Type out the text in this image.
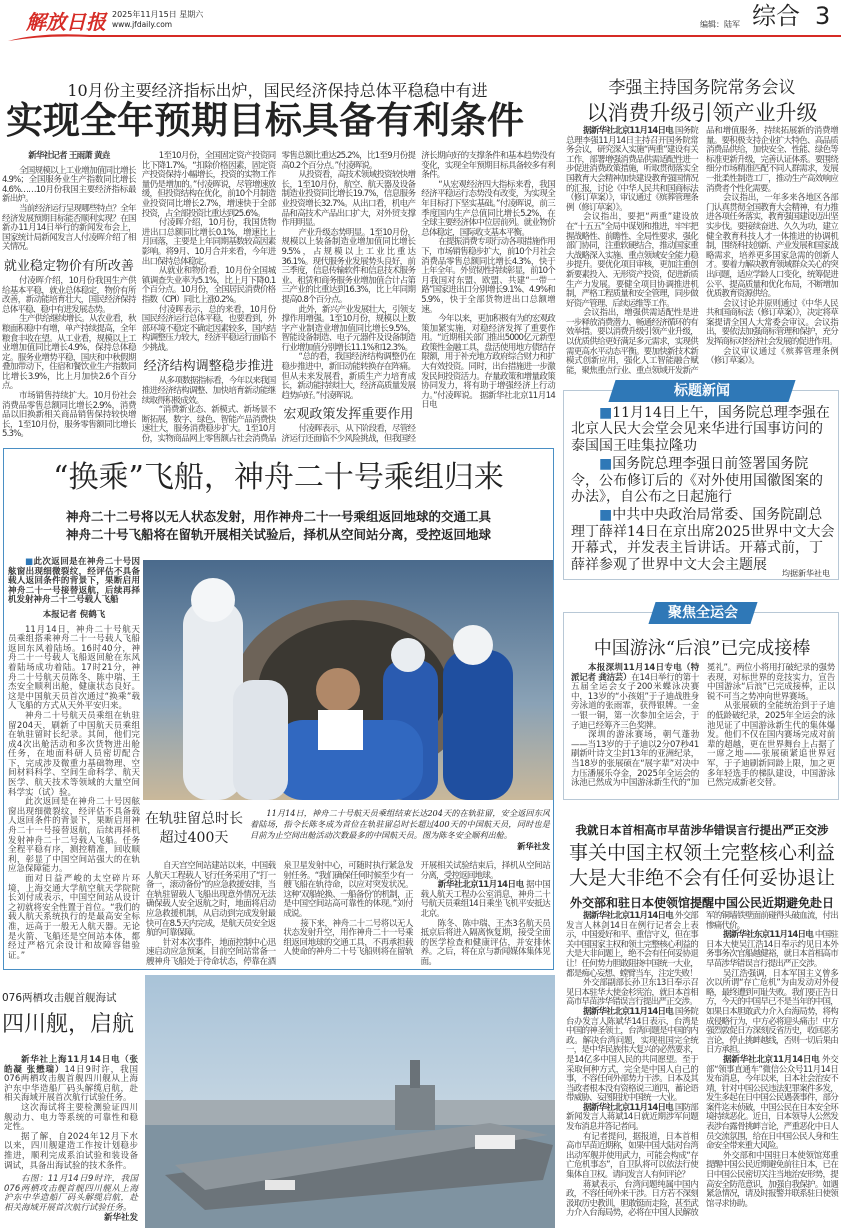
解放日报 2025年11月15日 星期六
www.jfdaily.com	编辑：陆军 综合 3
10月份主要经济指标出炉，国民经济保持总体平稳稳中有进
实现全年预期目标具备有利条件

新华社记者 王雨萧 黄垚

全国规模以上工业增加值同比增长4.9%；全国服务业生产指数同比增长4.6%……10月份我国主要经济指标最新出炉。

当前经济运行呈现哪些特点？全年经济发展预期目标能否顺利实现？在国新办11月14日举行的新闻发布会上，国家统计局新闻发言人付凌晖介绍了相关情况。

就业稳定物价有所改善

付凌晖介绍，10月份我国生产供给基本平稳，就业总体稳定，物价有所改善，新动能培育壮大，国民经济保持总体平稳、稳中有进发展态势。

生产供给继续增长。从农业看，秋粮面积稳中有增，单产持续提高，全年粮食丰收在望。从工业看，规模以上工业增加值同比增长4.9%，保持总体稳定。服务业增势平稳，国庆和中秋假期叠加带动下，住宿和餐饮业生产指数同比增长3.9%，比上月加快2.6个百分点。

市场销售持续扩大。10月份社会消费品零售总额同比增长2.9%，消费品以旧换新相关商品销售保持较快增长，1至10月份，服务零售额同比增长5.3%。

1至10月份，全国固定资产投资同比下降1.7%。“扣除价格因素，固定资产投资保持小幅增长，投资的实物工作量仍是增加的。”付凌晖说，尽管增速放缓，但投资结构在优化，前10个月制造业投资同比增长2.7%，增速快于全部投资，占全部投资比重达到25.6%。

付凌晖介绍，10月份，我国货物进出口总额同比增长0.1%，增速比上月回落，主要是上年同期基数较高因素影响。将9月、10月合并来看，今年进出口保持总体稳定。

从就业和物价看，10月份全国城镇调查失业率为5.1%，比上月下降0.1个百分点。10月份，全国居民消费价格指数（CPI）同比上涨0.2%。

付凌晖表示，总的来看，10月份国民经济运行总体平稳，也要看到，外部环境不稳定不确定因素较多，国内结构调整压力较大，经济平稳运行面临不少挑战。

经济结构调整稳步推进

从多项数据指标看，今年以来我国推进经济结构调整、加快培育新动能继续取得积极成效。

“消费新业态、新模式、新场景不断拓展，数字、绿色、智能产品消费快速壮大，服务消费稳步扩大。1至10月份，实物商品网上零售额占社会消费品零售总额比重达25.2%，比1至9月份提高0.2个百分点。”付凌晖说。

从投资看，高技术领域投资较快增长，1至10月份，航空、航天器及设备制造业投资同比增长19.7%，信息服务业投资增长32.7%。从出口看，机电产品和高技术产品出口扩大，对外贸支撑作用明显。

产业升级态势明显。1至10月份，规模以上装备制造业增加值同比增长9.5%，占规模以上工业比重达36.1%。现代服务业发展势头良好，前三季度，信息传输软件和信息技术服务业、租赁和商务服务业增加值合计占第三产业的比重达到16.3%，比上年同期提高0.8个百分点。

此外，新兴产业发展壮大，引领支撑作用增强。1至10月份，规模以上数字产业制造业增加值同比增长9.5%，智能设备制造、电子元器件及设备制造行业增加值分别增长11.1%和12.3%。

“总的看，我国经济结构调整仍在稳步推进中，新旧动能转换存在阵痛。但从未来发展看，新质生产力培育成长，新动能持续壮大，经济高质量发展趋势向好。”付凌晖说。

宏观政策发挥重要作用

付凌晖表示，从下阶段看，尽管经济运行还面临不少风险挑战，但我国经济长期向好的支撑条件和基本趋势没有变化，实现全年预期目标具备较多有利条件。

“从宏观经济四大指标来看，我国经济平稳运行态势没有改变，为实现全年目标打下坚实基础。”付凌晖说，前三季度国内生产总值同比增长5.2%，在全球主要经济体中位居前列。就业物价总体稳定，国际收支基本平衡。

在提振消费专项行动各项措施作用下，市场销售稳步扩大，前10个月社会消费品零售总额同比增长4.3%，快于上年全年。外贸韧性持续彰显，前10个月我国对东盟、欧盟、共建“一带一路”国家进出口分别增长9.1%、4.9%和5.9%，快于全部货物进出口总额增速。

今年以来，更加积极有为的宏观政策加紧实施，对稳经济发挥了重要作用。“近期相关部门推出5000亿元新型政策性金融工具，盘活使用地方债结存限额，用于补充地方政府综合财力和扩大有效投资。同时，出台措施进一步激发民间投资活力。存量政策和增量政策协同发力，将有助于增强经济上行动力。”付凌晖说。 据新华社北京11月14日电

李强主持国务院常务会议
以消费升级引领产业升级

据新华社北京11月14日电 国务院总理李强11月14日主持召开国务院常务会议，研究深入实施“两重”建设有关工作，部署增强消费品供需适配性进一步促进消费政策措施，听取贯彻落实全国教育大会精神加快建设教育强国情况的汇报，讨论《中华人民共和国商标法（修订草案）》，审议通过《殡葬管理条例（修订草案）》。

会议指出，要把“两重”建设放在“十五五”全局中谋划和推进，牢牢把握战略性、前瞻性、全局性要求，强化部门协同，注重软硬结合，推动国家重大战略深入实施、重点领域安全能力稳步提升。要优化项目审核，更加注重创新要素投入、无形资产投资，促进新质生产力发展。要健全项目协调推进机制，严格工程质量和安全管理，同步做好资产管理、后续运维等工作。

会议指出，增强供需适配性是进一步释放消费潜力、畅通经济循环的有效举措。要以消费升级引领产业升级，以优质供给更好满足多元需求，实现供需更高水平动态平衡。要加快新技术新模式创新应用，强化人工智能融合赋能，聚焦重点行业、重点领域开发新产品和增值服务，持续拓展新的消费增量。要积极支持企业扩大特色、高品质消费品供给，加快安全、性能、绿色等标准更新升级，完善认证体系。要围绕细分市场精准匹配不同人群需求，发展一批柔性制造工厂，推动生产高效响应消费者个性化需要。

会议指出，一年多来各地区各部门认真贯彻全国教育大会精神，有力推进各项任务落实，教育强国建设迈出坚实步伐。要接续奋进、久久为功，建立健全教育科技人才一体推进的协调机制，围绕科技创新、产业发展和国家战略需求，培养更多国家急需的创新人才。要着力解决教育领域群众关心的突出问题，适应学龄人口变化，统筹促进公平、提高质量和优化布局，不断增加优质教育资源供给。

会议讨论并原则通过《中华人民共和国商标法（修订草案）》，决定将草案提请全国人大常委会审议。会议指出，要依法加强商标管理和保护，充分发挥商标对经济社会发展的促进作用。

会议审议通过《殡葬管理条例（修订草案）》。

标题新闻

■11月14日上午，国务院总理李强在北京人民大会堂会见来华进行国事访问的泰国国王哇集拉隆功

■国务院总理李强日前签署国务院令，公布修订后的《对外使用国徽图案的办法》，自公布之日起施行

■中共中央政治局常委、国务院副总理丁薛祥14日在京出席2025世界中文大会开幕式，并发表主旨讲话。开幕式前，丁薛祥参观了世界中文大会主题展

均据新华社电
聚焦全运会
中国游泳“后浪”已完成接棒

本报深圳11月14日专电（特派记者 龚洁芸）在14日举行的第十五届全运会女子200米蝶泳决赛中，13岁的“小孩姐”于子迪战胜身旁泳道的张雨霏，获得银牌。一金一银一铜，第一次参加全运会，于子迪已经筹齐三色奖牌。

深圳的游泳赛场，朝气蓬勃——当13岁的于子迪以2分07秒41刷新叶诗文尘封13年的亚洲纪录，当18岁的张展硕在“展字辈”对决中力压潘展乐夺金，2025年全运会的泳池已然成为中国游泳新生代的“加冕礼”。两位小将用打破纪录的强势表现，对标世界的竞技实力，宣告中国游泳“后浪”已完成接棒，正以锐不可当之势冲向世界赛场。

从张展硕的全能统治到于子迪的低龄破纪录，2025年全运会的泳池见证了中国游泳新生代的集体爆发。他们不仅在国内赛场完成对前辈的超越，更在世界舞台上占据了一席之地——张展硕紧追世界冠军，于子迪刷新同龄上限，加之更多年轻选手的梯队建设，中国游泳已然完成新老交替。

我就日本首相高市早苗涉华错误言行提出严正交涉
事关中国主权领土完整核心利益
大是大非绝不会有任何妥协退让
外交部和驻日本使领馆提醒中国公民近期避免赴日

据新华社北京11月14日电 外交部发言人林剑14日在例行记者会上表示，中国爱好和平、重信守义，但在事关中国国家主权和领土完整核心利益的大是大非问题上，绝不会有任何妥协退让！任何势力胆敢阻挠中国统一大业，都是痴心妄想、螳臂当车，注定失败！

外交部副部长孙卫东13日奉示召见日本驻华大使金杉宪治，就日本首相高市早苗涉华错误言行提出严正交涉。

据新华社北京11月14日电 国务院台办发言人陈斌华14日表示，台湾是中国的神圣领土，台湾问题是中国的内政。解决台湾问题，实现祖国完全统一，是中华民族伟大复兴的必然要求，是14亿多中国人民的共同愿望。至于采取何种方式，完全是中国人自己的事，不容任何外部势力干涉。日本及其当政者根本没有资格说三道四，蓄论语带威胁、妄图阻扰中国统一大业。

据新华社北京11月14日电 国防部新闻发言人蒋斌14日就近期涉军问题发布消息并答记者问。

有记者提问，据报道，日本首相高市早苗近期称，如果中国大陆对台湾出动军舰并使用武力，可能会构成“存亡危机事态”，自卫队将可以依法行使集体自卫权。请问发言人有何评论？

蒋斌表示，台湾问题纯属中国内政，不容任何外来干涉。日方若不深刻汲取历史教训，胆敢铤而走险，甚至武力介入台海局势，必将在中国人民解放军的铜墙铁壁面前碰得头破血流，付出惨痛代价。

据新华社东京11月14日电 中国驻日本大使吴江浩14日奉示约见日本外务事务次官船越健裕，就日本首相高市早苗涉华错误言行提出严正交涉。

吴江浩强调，日本军国主义曾多次以所谓“存亡危机”为由发动对外侵略，最终遭到可耻失败。我们要正告日方，今天的中国早已不是当年的中国，如果日本胆敢武力介入台海局势，将构成侵略行为，中方必将迎头痛击！中方强烈敦促日方深刻反省历史，收回恶劣言论，停止挑衅越线，否则一切后果由日方承担。

据新华社北京11月14日电 外交部“领事直通车”微信公众号11月14日发布消息，今年以来，日本社会治安不靖，针对中国公民违法犯罪案件多发，发生多起在日中国公民遇袭事件，部分案件迄未侦破，中国公民在日本安全环境持续恶化。近日，日本领导人公然发表涉台露骨挑衅言论，严重恶化中日人员交流氛围，给在日中国公民人身和生命安全带来重大风险。

外交部和中国驻日本使领馆郑重提醒中国公民近期避免前往日本，已在日中国公民密切关注当地治安形势，提高安全防范意识，加强自我保护。如遇紧急情况，请及时报警并联系驻日使领馆寻求协助。

“换乘”飞船，神舟二十号乘组归来
神舟二十二号将以无人状态发射，用作神舟二十一号乘组返回地球的交通工具
神舟二十号飞船将在留轨开展相关试验后，择机从空间站分离，受控返回地球

■此次返回是在神舟二十号因舷窗出现细微裂纹，经评估不具备载人返回条件的背景下，果断启用神舟二十一号接替返航，后续再择机发射神舟二十二号载人飞船

本报记者 倪鹤飞

11月14日，神舟二十号航天员乘组搭乘神舟二十一号载人飞船返回东风着陆场。16时40分，神舟二十一号载人飞船返回舱在东风着陆场成功着陆。17时21分，神舟二十号航天员陈冬、陈中瑞、王杰安全顺利出舱，健康状态良好。这是中国航天员首次通过“换乘”载人飞船的方式从天外平安归来。

神舟二十号航天员乘组在轨驻留204天，刷新了中国航天员乘组在轨驻留时长纪录。其间，他们完成4次出舱活动和多次货物进出舱任务，在地面科研人员密切配合下，完成涉及微重力基础物理、空间材料科学、空间生命科学、航天医学、航天技术等领域的大量空间科学实（试）验。

此次返回是在神舟二十号因舷窗出现细微裂纹，经评估不具备载人返回条件的背景下，果断启用神舟二十一号接替返航，后续再择机发射神舟二十二号载人飞船。任务全程平稳有序，测控精准，回收顺利，彰显了中国空间站强大的在轨应急保障能力。

面对日益严峻的太空碎片环境，上海交通大学航空航天学院院长刘付成表示，中国空间站从设计之初就将安全性置于首位。“我们的载人航天系统执行的是最高安全标准，远高于一般无人航天器。无论是火箭、飞船还是空间站本体，都经过严格冗余设计和故障容错验证。”

在轨驻留总时长
超过400天
11月14日，神舟二十号航天员乘组结束长达204天的在轨驻留，安全返回东风着陆场，指令长陈冬成为首位在轨驻留总时长超过400天的中国航天员，同时也是目前为止空间出舱活动次数最多的中国航天员。图为陈冬安全顺利出舱。
新华社发

自天宫空间站建站以来，中国载人航天工程载人飞行任务采用了“打一备一，滚动备份”的应急救援安排，当在轨驻留载人飞船出现意外情况无法确保载人安全返航之时，地面将启动应急救援机制，从启动到完成发射最快可在8.5天内完成，是航天员安全返航的可靠保障。

针对本次事件，地面控制中心迅速启动应急预案，目前空间站常备一艘神舟飞船处于待命状态，停靠在酒泉卫星发射中心，可随时执行紧急发射任务。“我们确保任何时候至少有一艘飞船在轨待命，以应对突发状况。这种‘双船轮换、一船备份’的机制，正是中国空间站高可靠性的体现。”刘付成说。

接下来，神舟二十二号将以无人状态发射升空，用作神舟二十一号乘组返回地球的交通工具，不再承担载人使命的神舟二十号飞船则将在留轨开展相关试验结束后，择机从空间站分离，受控返回地球。

新华社北京11月14日电 据中国载人航天工程办公室消息，神舟二十号航天员乘组14日乘坐飞机平安抵达北京。

陈冬、陈中瑞、王杰3名航天员抵京后将进入隔离恢复期，接受全面的医学检查和健康评估，并安排休养。之后，将在京与新闻媒体集体见面。

076两栖攻击舰首舰海试
四川舰，启航

新华社上海11月14日电（张皓凝 张懋瑞）14日9时许，我国076两栖攻击舰首舰四川舰从上海沪东中华造船厂码头解缆启航，赴相关海域开展首次航行试验任务。

这次海试将主要检测验证四川舰动力、电力等系统的可靠性和稳定性。

据了解，自2024年12月下水以来，四川舰建造工作按计划稳步推进，顺利完成系泊试验和装设备调试，具备出海试验的技术条件。

右图：11月14日9时许，我国076两栖攻击舰首舰四川舰从上海沪东中华造船厂码头解缆启航，赴相关海域开展首次航行试验任务。

新华社发
